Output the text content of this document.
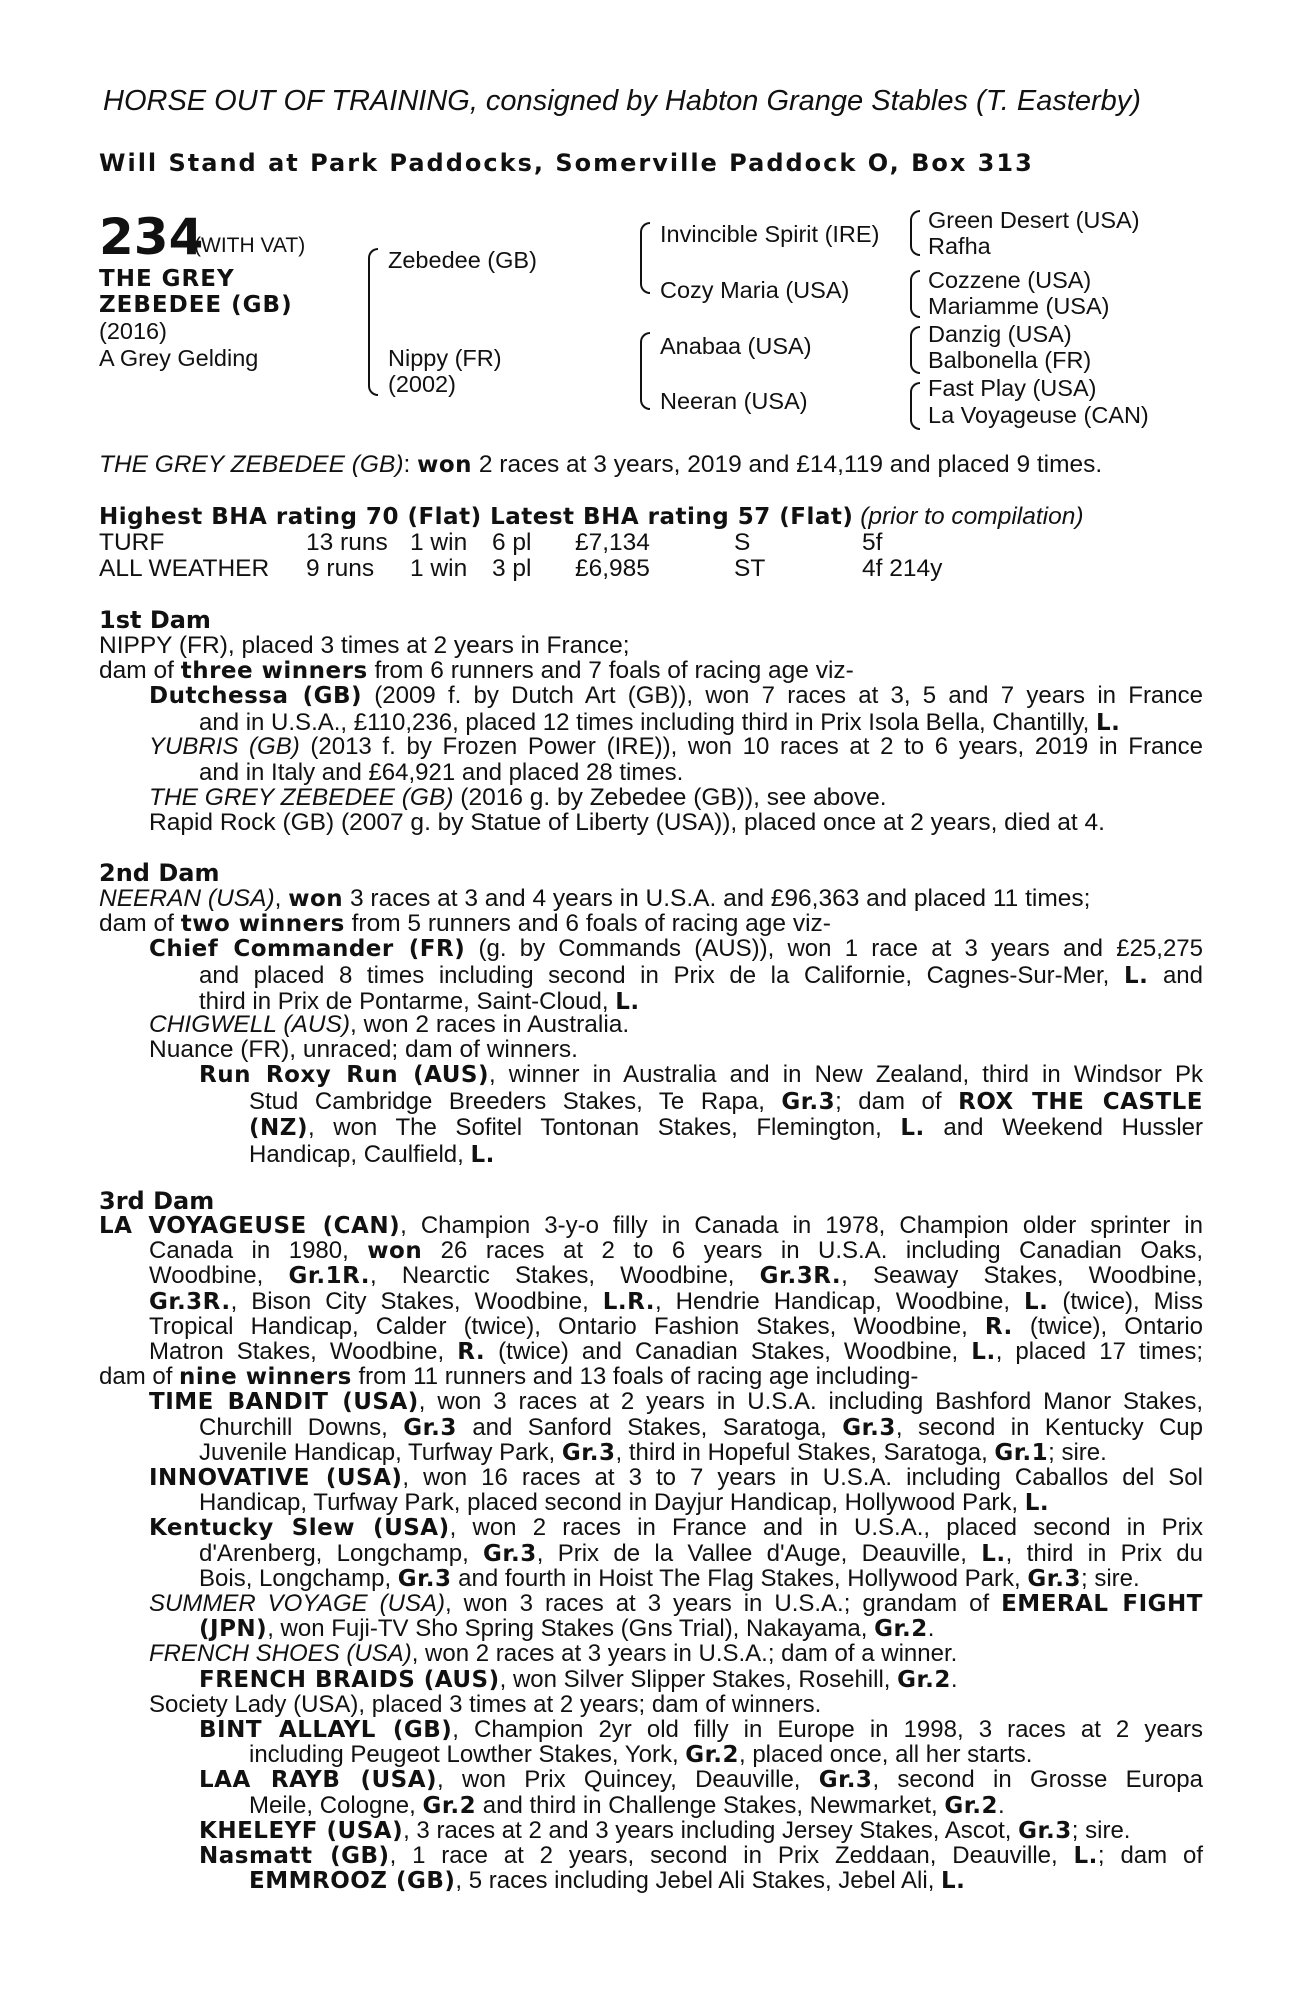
HORSE OUT OF TRAINING, consigned by Habton Grange Stables (T. Easterby)
Will Stand at Park Paddocks, Somerville Paddock O, Box 313
234
(WITH VAT)
THE GREY
ZEBEDEE (GB)
(2016)
A Grey Gelding
Zebedee (GB)
Nippy (FR)
(2002)
Invincible Spirit (IRE)
Cozy Maria (USA)
Anabaa (USA)
Neeran (USA)
Green Desert (USA)
Rafha
Cozzene (USA)
Mariamme (USA)
Danzig (USA)
Balbonella (FR)
Fast Play (USA)
La Voyageuse (CAN)
THE GREY ZEBEDEE (GB): won 2 races at 3 years, 2019 and £14,119 and placed 9 times.
Highest BHA rating 70 (Flat) Latest BHA rating 57 (Flat) (prior to compilation)
TURF	13 runs 1 win 6 pl £7,134	S	5f
ALL WEATHER 9 runs 1 win 3 pl £6,985	ST	4f 214y
1st Dam
NIPPY (FR), placed 3 times at 2 years in France;
dam of three winners from 6 runners and 7 foals of racing age viz-
Dutchessa (GB) (2009 f. by Dutch Art (GB)), won 7 races at 3, 5 and 7 years in France
and in U.S.A., £110,236, placed 12 times including third in Prix Isola Bella, Chantilly, L.
YUBRIS (GB) (2013 f. by Frozen Power (IRE)), won 10 races at 2 to 6 years, 2019 in France
and in Italy and £64,921 and placed 28 times.
THE GREY ZEBEDEE (GB) (2016 g. by Zebedee (GB)), see above.
Rapid Rock (GB) (2007 g. by Statue of Liberty (USA)), placed once at 2 years, died at 4.
2nd Dam
NEERAN (USA), won 3 races at 3 and 4 years in U.S.A. and £96,363 and placed 11 times;
dam of two winners from 5 runners and 6 foals of racing age viz-
Chief Commander (FR) (g. by Commands (AUS)), won 1 race at 3 years and £25,275
and placed 8 times including second in Prix de la Californie, Cagnes-Sur-Mer, L. and
third in Prix de Pontarme, Saint-Cloud, L.
CHIGWELL (AUS), won 2 races in Australia.
Nuance (FR), unraced; dam of winners.
Run Roxy Run (AUS), winner in Australia and in New Zealand, third in Windsor Pk
Stud Cambridge Breeders Stakes, Te Rapa, Gr.3; dam of ROX THE CASTLE
(NZ), won The Sofitel Tontonan Stakes, Flemington, L. and Weekend Hussler
Handicap, Caulfield, L.
3rd Dam
LA VOYAGEUSE (CAN), Champion 3-y-o filly in Canada in 1978, Champion older sprinter in
Canada in 1980, won 26 races at 2 to 6 years in U.S.A. including Canadian Oaks,
Woodbine, Gr.1R., Nearctic Stakes, Woodbine, Gr.3R., Seaway Stakes, Woodbine,
Gr.3R., Bison City Stakes, Woodbine, L.R., Hendrie Handicap, Woodbine, L. (twice), Miss
Tropical Handicap, Calder (twice), Ontario Fashion Stakes, Woodbine, R. (twice), Ontario
Matron Stakes, Woodbine, R. (twice) and Canadian Stakes, Woodbine, L., placed 17 times;
dam of nine winners from 11 runners and 13 foals of racing age including-
TIME BANDIT (USA), won 3 races at 2 years in U.S.A. including Bashford Manor Stakes,
Churchill Downs, Gr.3 and Sanford Stakes, Saratoga, Gr.3, second in Kentucky Cup
Juvenile Handicap, Turfway Park, Gr.3, third in Hopeful Stakes, Saratoga, Gr.1; sire.
INNOVATIVE (USA), won 16 races at 3 to 7 years in U.S.A. including Caballos del Sol
Handicap, Turfway Park, placed second in Dayjur Handicap, Hollywood Park, L.
Kentucky Slew (USA), won 2 races in France and in U.S.A., placed second in Prix
d'Arenberg, Longchamp, Gr.3, Prix de la Vallee d'Auge, Deauville, L., third in Prix du
Bois, Longchamp, Gr.3 and fourth in Hoist The Flag Stakes, Hollywood Park, Gr.3; sire.
SUMMER VOYAGE (USA), won 3 races at 3 years in U.S.A.; grandam of EMERAL FIGHT
(JPN), won Fuji-TV Sho Spring Stakes (Gns Trial), Nakayama, Gr.2.
FRENCH SHOES (USA), won 2 races at 3 years in U.S.A.; dam of a winner.
FRENCH BRAIDS (AUS), won Silver Slipper Stakes, Rosehill, Gr.2.
Society Lady (USA), placed 3 times at 2 years; dam of winners.
BINT ALLAYL (GB), Champion 2yr old filly in Europe in 1998, 3 races at 2 years
including Peugeot Lowther Stakes, York, Gr.2, placed once, all her starts.
LAA RAYB (USA), won Prix Quincey, Deauville, Gr.3, second in Grosse Europa
Meile, Cologne, Gr.2 and third in Challenge Stakes, Newmarket, Gr.2.
KHELEYF (USA), 3 races at 2 and 3 years including Jersey Stakes, Ascot, Gr.3; sire.
Nasmatt (GB), 1 race at 2 years, second in Prix Zeddaan, Deauville, L.; dam of
EMMROOZ (GB), 5 races including Jebel Ali Stakes, Jebel Ali, L.
